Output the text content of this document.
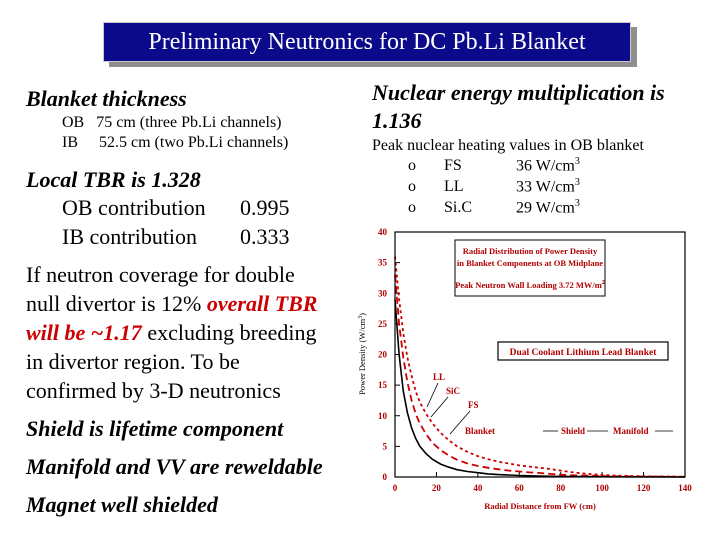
Preliminary Neutronics for DC Pb.Li Blanket
Blanket thickness
OB 75 cm (three Pb.Li channels)
IB 52.5 cm (two Pb.Li channels)
Local TBR is 1.328
OB contribution 0.995
IB contribution 0.333
If neutron coverage for double
null divertor is 12% overall TBR
will be ~1.17 excluding breeding
in divertor region. To be
confirmed by 3-D neutronics
Shield is lifetime component
Manifold and VV are reweldable
Magnet well shielded
Nuclear energy multiplication is
1.136
Peak nuclear heating values in OB blanket
o FS	36 $W/cm^3$
o LL	33 $W/cm^3$
o Si.C	29 $W/cm^3$
0	20	40	60	80	100	120	140
0
5
10
15
20
25
30
35
40
Radial Distribution of Power Density
in Blanket Components at OB Midplane
Peak Neutron Wall Loading 3.72 $MW/m^2$
Dual Coolant Lithium Lead Blanket
LL
SiC
FS
Blanket	Shield	Manifold
Radial Distance from FW (cm)
Power Density $(W/cm^3)$
